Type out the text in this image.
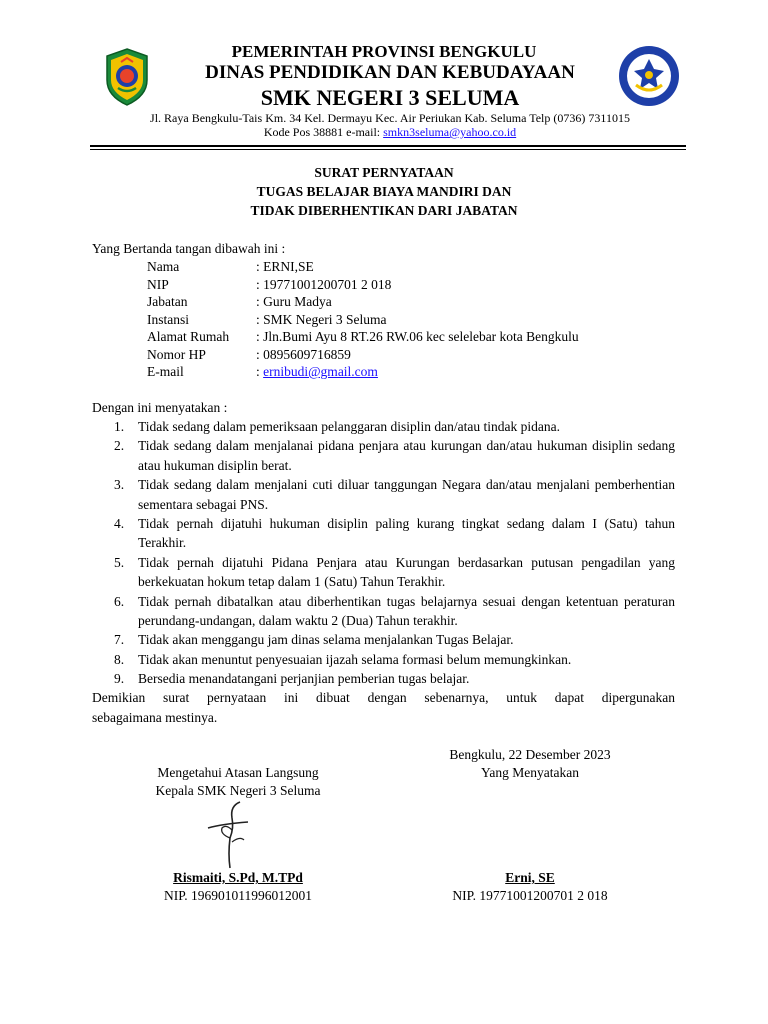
PEMERINTAH PROVINSI BENGKULU
DINAS PENDIDIKAN DAN KEBUDAYAAN
SMK NEGERI 3 SELUMA
Jl. Raya Bengkulu-Tais Km. 34 Kel. Dermayu Kec. Air Periukan Kab. Seluma Telp (0736) 7311015
Kode Pos 38881 e-mail: smkn3seluma@yahoo.co.id
SURAT PERNYATAAN
TUGAS BELAJAR BIAYA MANDIRI DAN
TIDAK DIBERHENTIKAN DARI JABATAN
Yang Bertanda tangan dibawah ini :
Nama	: ERNI,SE
NIP	: 19771001200701 2 018
Jabatan	: Guru Madya
Instansi	: SMK Negeri 3 Seluma
Alamat Rumah : Jln.Bumi Ayu 8 RT.26 RW.06 kec selelebar kota Bengkulu
Nomor HP	: 0895609716859
E-mail	: ernibudi@gmail.com
Dengan ini menyatakan :
1. Tidak sedang dalam pemeriksaan pelanggaran disiplin dan/atau tindak pidana.
2. Tidak sedang dalam menjalanai pidana penjara atau kurungan dan/atau hukuman disiplin sedang atau hukuman disiplin berat.
3. Tidak sedang dalam menjalani cuti diluar tanggungan Negara dan/atau menjalani pemberhentian sementara sebagai PNS.
4. Tidak pernah dijatuhi hukuman disiplin paling kurang tingkat sedang dalam I (Satu) tahun Terakhir.
5. Tidak pernah dijatuhi Pidana Penjara atau Kurungan berdasarkan putusan pengadilan yang berkekuatan hokum tetap dalam 1 (Satu) Tahun Terakhir.
6. Tidak pernah dibatalkan atau diberhentikan tugas belajarnya sesuai dengan ketentuan peraturan perundang-undangan, dalam waktu 2 (Dua) Tahun terakhir.
7. Tidak akan menggangu jam dinas selama menjalankan Tugas Belajar.
8. Tidak akan menuntut penyesuaian ijazah selama formasi belum memungkinkan.
9. Bersedia menandatangani perjanjian pemberian tugas belajar.
Demikian surat pernyataan ini dibuat dengan sebenarnya, untuk dapat dipergunakan
sebagaimana mestinya.
Bengkulu, 22 Desember 2023
Yang Menyatakan
Mengetahui Atasan Langsung
Kepala SMK Negeri 3 Seluma
Rismaiti, S.Pd, M.TPd
NIP. 196901011996012001
Erni, SE
NIP. 19771001200701 2 018
